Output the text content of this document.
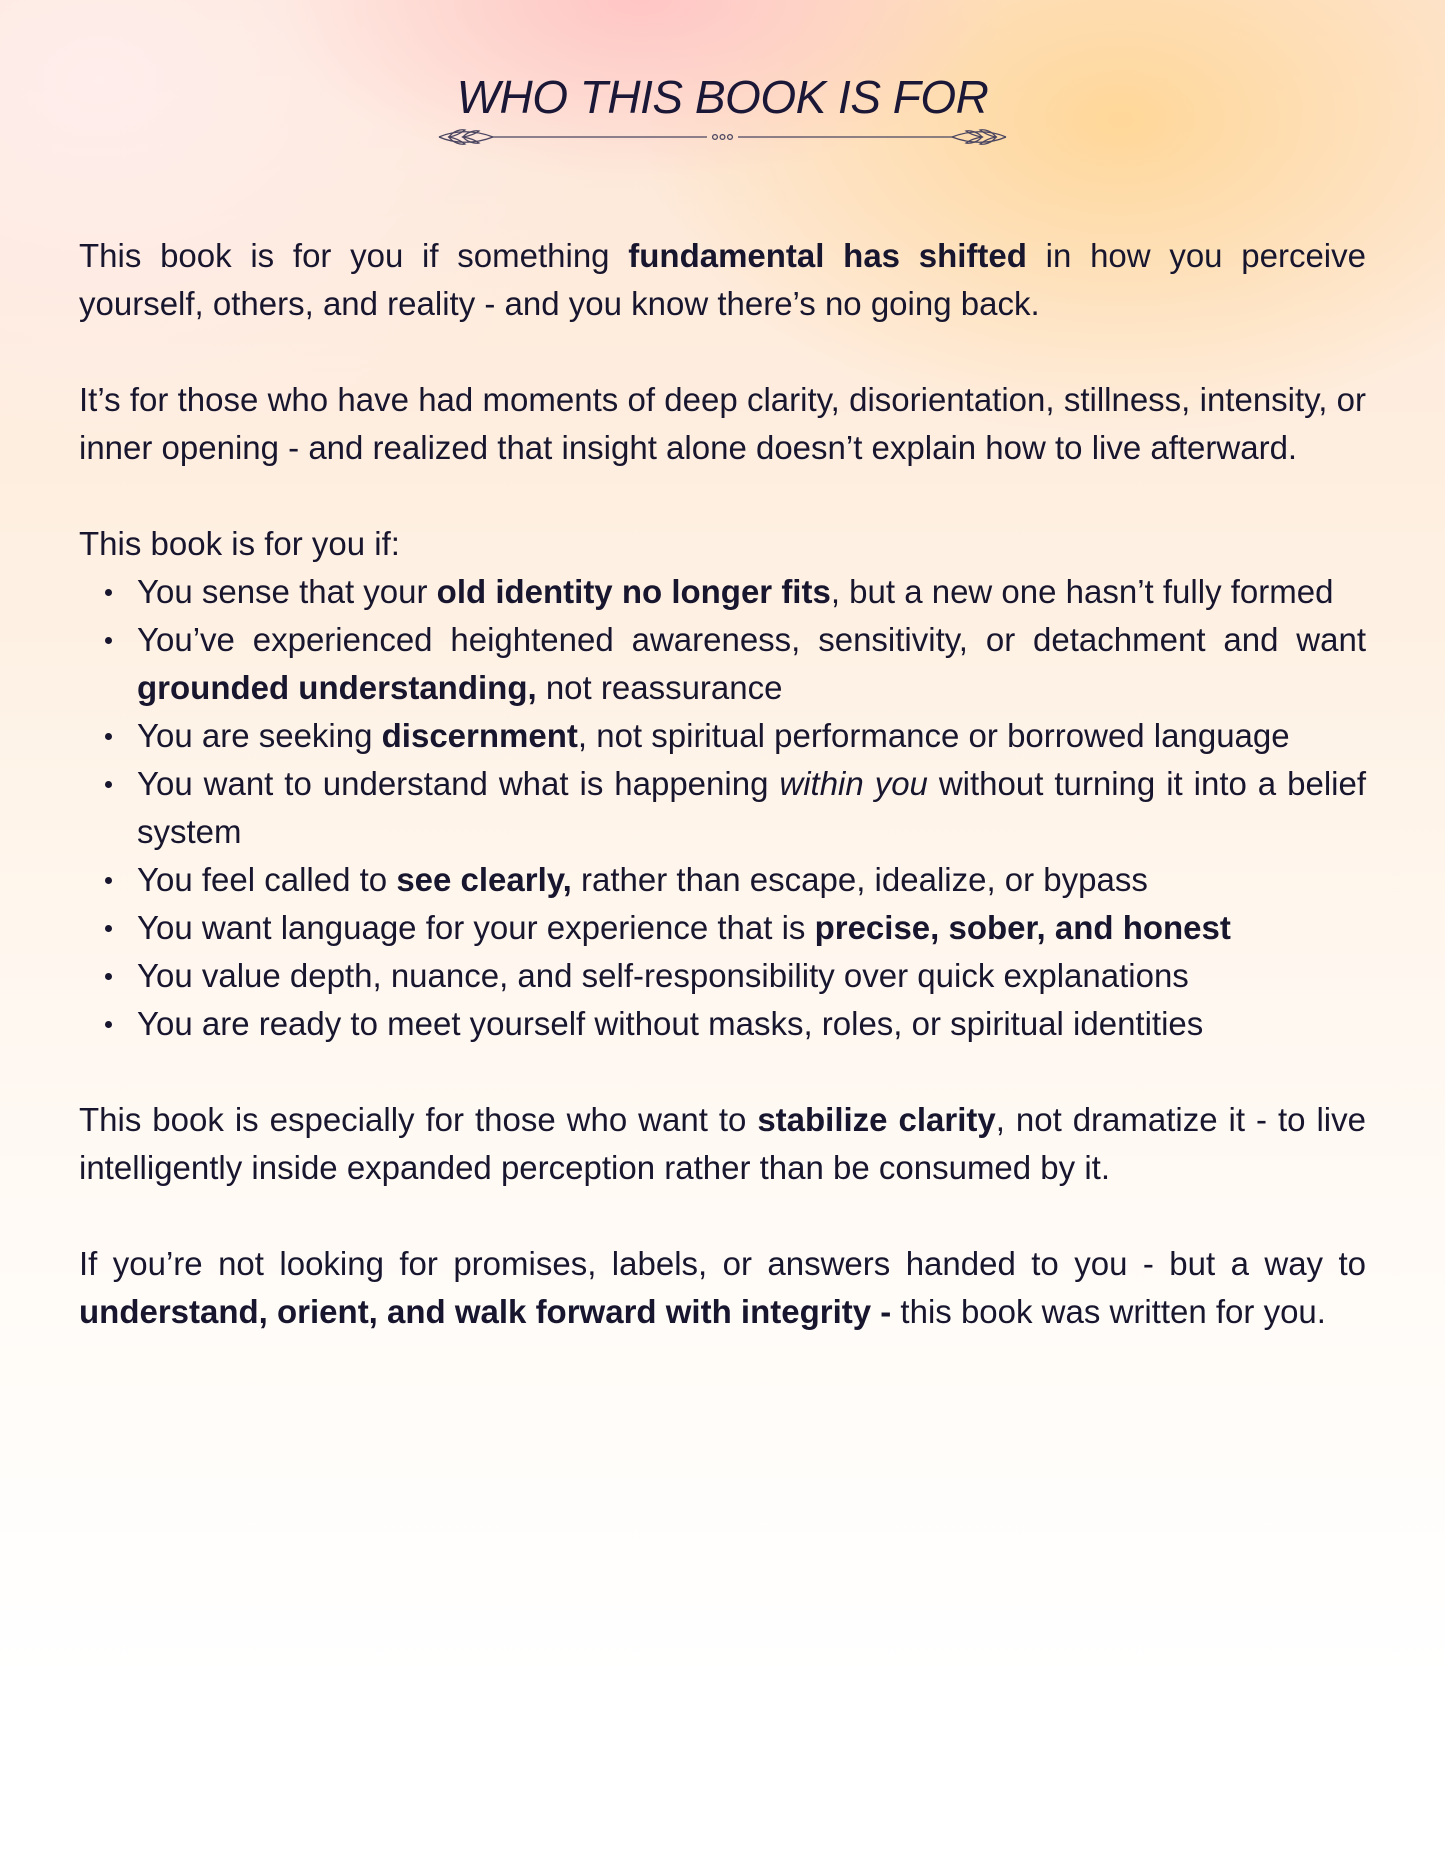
WHO THIS BOOK IS FOR

This book is for you if something fundamental has shifted in how you perceive yourself, others, and reality - and you know there’s no going back.

It’s for those who have had moments of deep clarity, disorientation, stillness, intensity, or inner opening - and realized that insight alone doesn’t explain how to live afterward.

This book is for you if:

You sense that your old identity no longer fits, but a new one hasn’t fully formed
You’ve experienced heightened awareness, sensitivity, or detachment and want grounded understanding, not reassurance
You are seeking discernment, not spiritual performance or borrowed language
You want to understand what is happening within you without turning it into a belief system
You feel called to see clearly, rather than escape, idealize, or bypass
You want language for your experience that is precise, sober, and honest
You value depth, nuance, and self-responsibility over quick explanations
You are ready to meet yourself without masks, roles, or spiritual identities

This book is especially for those who want to stabilize clarity, not dramatize it - to live intelligently inside expanded perception rather than be consumed by it.

If you’re not looking for promises, labels, or answers handed to you - but a way to understand, orient, and walk forward with integrity - this book was written for you.
